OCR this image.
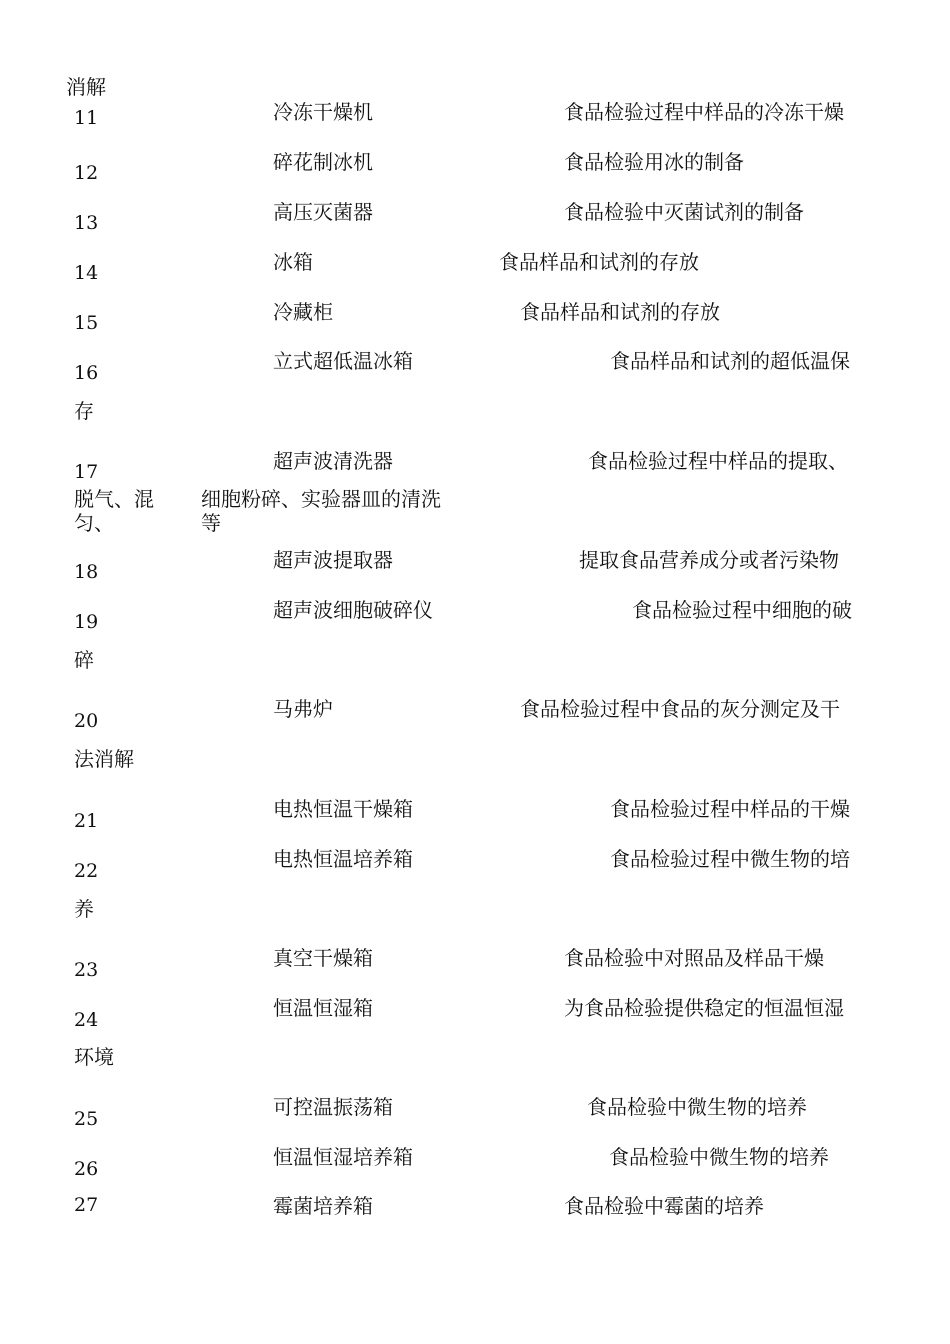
消解
11	冷冻干燥机	食品检验过程中样品的冷冻干燥
12	碎花制冰机	食品检验用冰的制备
13	高压灭菌器	食品检验中灭菌试剂的制备
14	冰箱	食品样品和试剂的存放
15	冷藏柜	食品样品和试剂的存放
16	立式超低温冰箱	食品样品和试剂的超低温保
存
17	超声波清洗器	食品检验过程中样品的提取、
脱气、混
匀、
细胞粉碎、实验器皿的清洗
等
18	超声波提取器	提取食品营养成分或者污染物
19	超声波细胞破碎仪	食品检验过程中细胞的破
碎
20	马弗炉	食品检验过程中食品的灰分测定及干
法消解
21	电热恒温干燥箱	食品检验过程中样品的干燥
22	电热恒温培养箱	食品检验过程中微生物的培
养
23	真空干燥箱	食品检验中对照品及样品干燥
24	恒温恒湿箱	为食品检验提供稳定的恒温恒湿
环境
25	可控温振荡箱	食品检验中微生物的培养
26	恒温恒湿培养箱	食品检验中微生物的培养
27	霉菌培养箱	食品检验中霉菌的培养
